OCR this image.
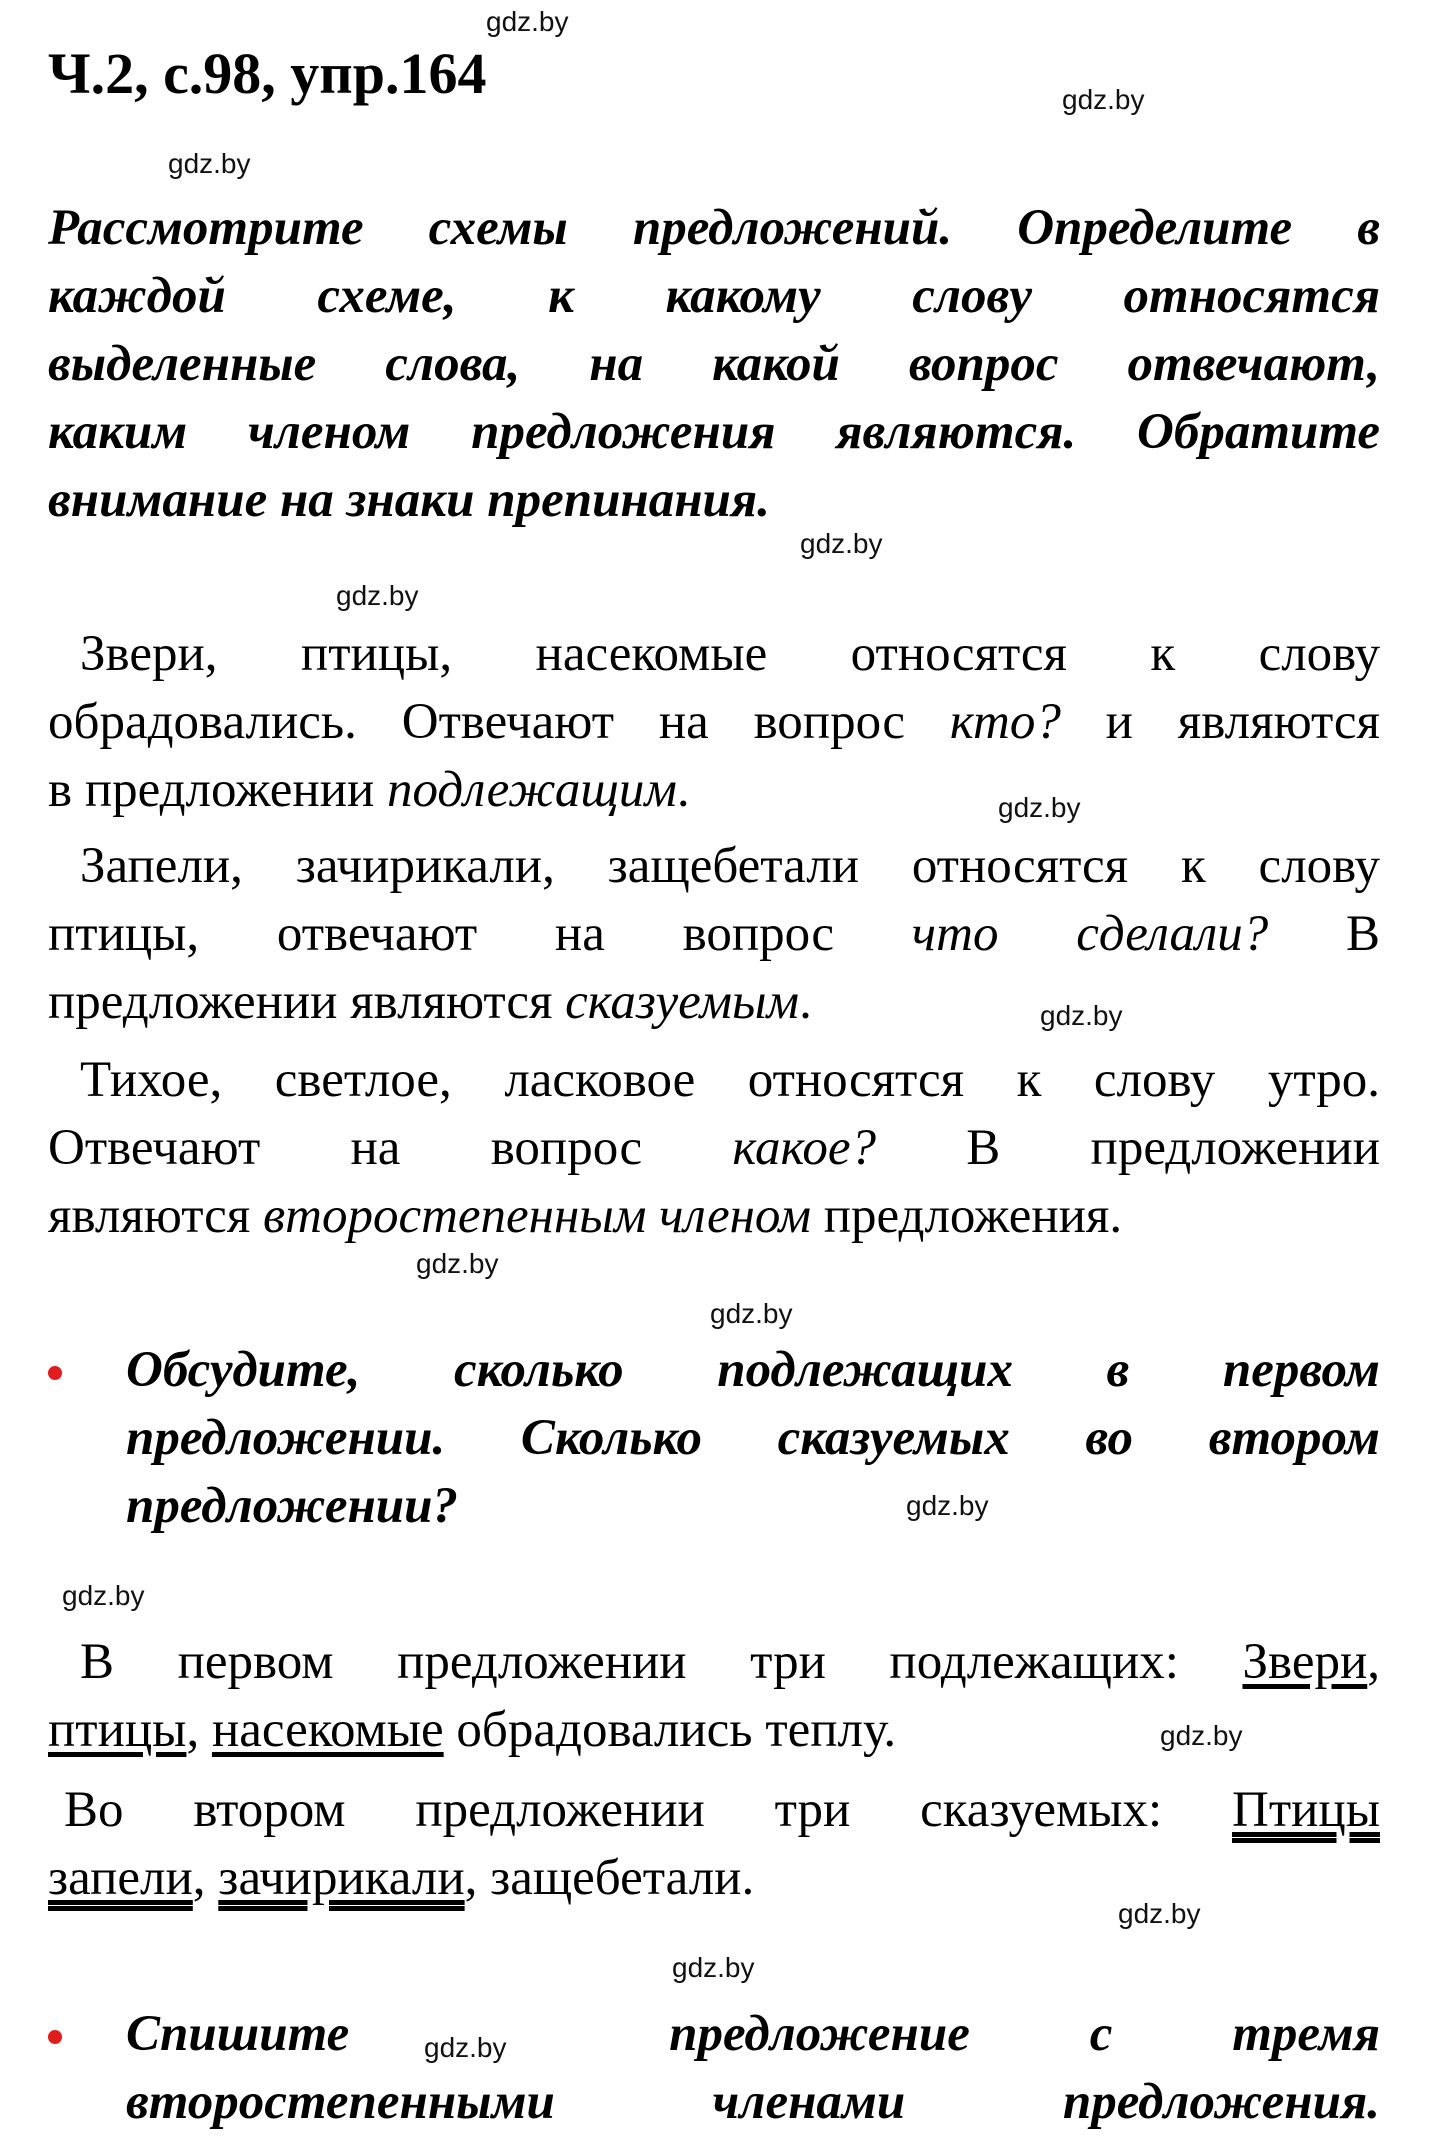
gdz.by
gdz.by
gdz.by
gdz.by
gdz.by
gdz.by
gdz.by
gdz.by
gdz.by
gdz.by
gdz.by
gdz.by
gdz.by
gdz.by
gdz.by
Ч.2, с.98, упр.164
Рассмотрите схемы предложений. Определите в
каждой схеме, к какому слову относятся
выделенные слова, на какой вопрос отвечают,
каким членом предложения являются. Обратите
внимание на знаки препинания.
Звери, птицы, насекомые относятся к слову
обрадовались. Отвечают на вопрос кто? и являются
в предложении подлежащим.
Запели, зачирикали, защебетали относятся к слову
птицы, отвечают на вопрос что сделали? В
предложении являются сказуемым.
Тихое, светлое, ласковое относятся к слову утро.
Отвечают на вопрос какое? В предложении
являются второстепенным членом предложения.
Обсудите, сколько подлежащих в первом
предложении. Сколько сказуемых во втором
предложении?
В первом предложении три подлежащих: Звери,
птицы, насекомые обрадовались теплу.
Во втором предложении три сказуемых: Птицы
запели, зачирикали, защебетали.
Спишите	предложение с тремя
второстепенными членами предложения.
